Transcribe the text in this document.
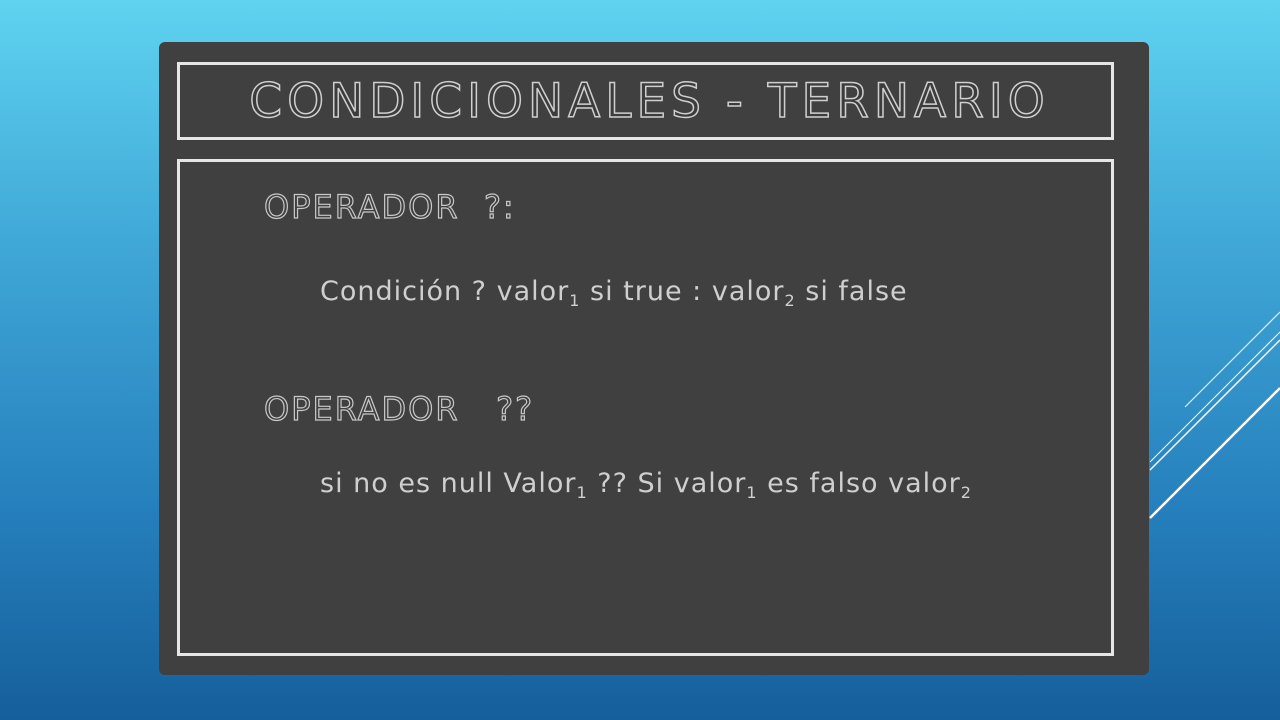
CONDICIONALES - TERNARIO
OPERADOR  ?:
Condición ? valor$_1$ si true : valor$_2$ si false
OPERADOR   ??
si no es null Valor$_1$ ?? Si valor$_1$ es falso valor$_2$
